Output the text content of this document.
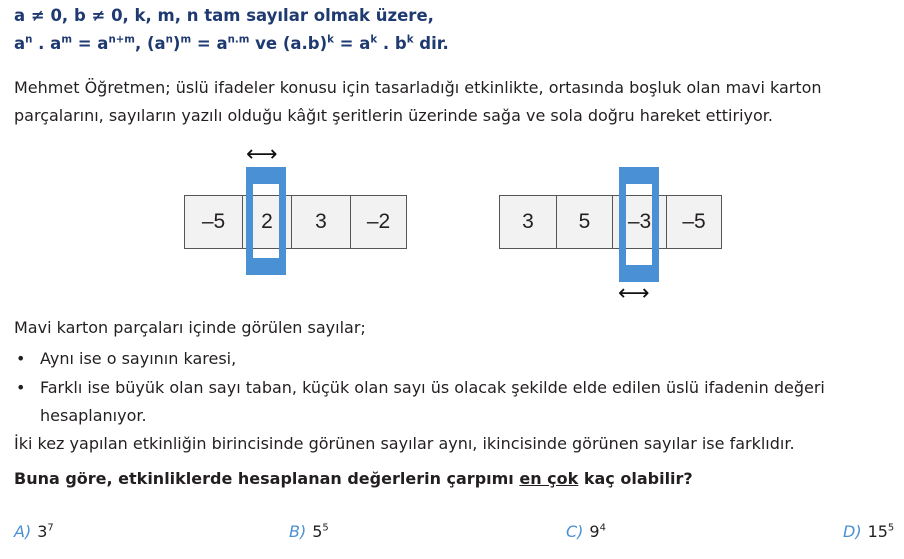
a ≠ 0, b ≠ 0, k, m, n tam sayılar olmak üzere,
$a^n$ . $a^m = a^{n+m}$, $(a^n)^m = a^{n.m}$ ve $(a.b)^k = a^k$ . $b^k$ dir.
Mehmet Öğretmen; üslü ifadeler konusu için tasarladığı etkinlikte, ortasında boşluk olan mavi karton parçalarını, sayıların yazılı olduğu kâğıt şeritlerin üzerinde sağa ve sola doğru hareket ettiriyor.
–5	2	3	–2
⟷
3	5	–3	–5
⟷
Mavi karton parçaları içinde görülen sayılar;
• Aynı ise o sayının karesi,
• Farklı ise büyük olan sayı taban, küçük olan sayı üs olacak şekilde elde edilen üslü ifadenin değeri hesaplanıyor.
İki kez yapılan etkinliğin birincisinde görünen sayılar aynı, ikincisinde görünen sayılar ise farklıdır.
Buna göre, etkinliklerde hesaplanan değerlerin çarpımı en çok kaç olabilir?
A) $3^7$	B) $5^5$	C) $9^4$	D) $15^5$
